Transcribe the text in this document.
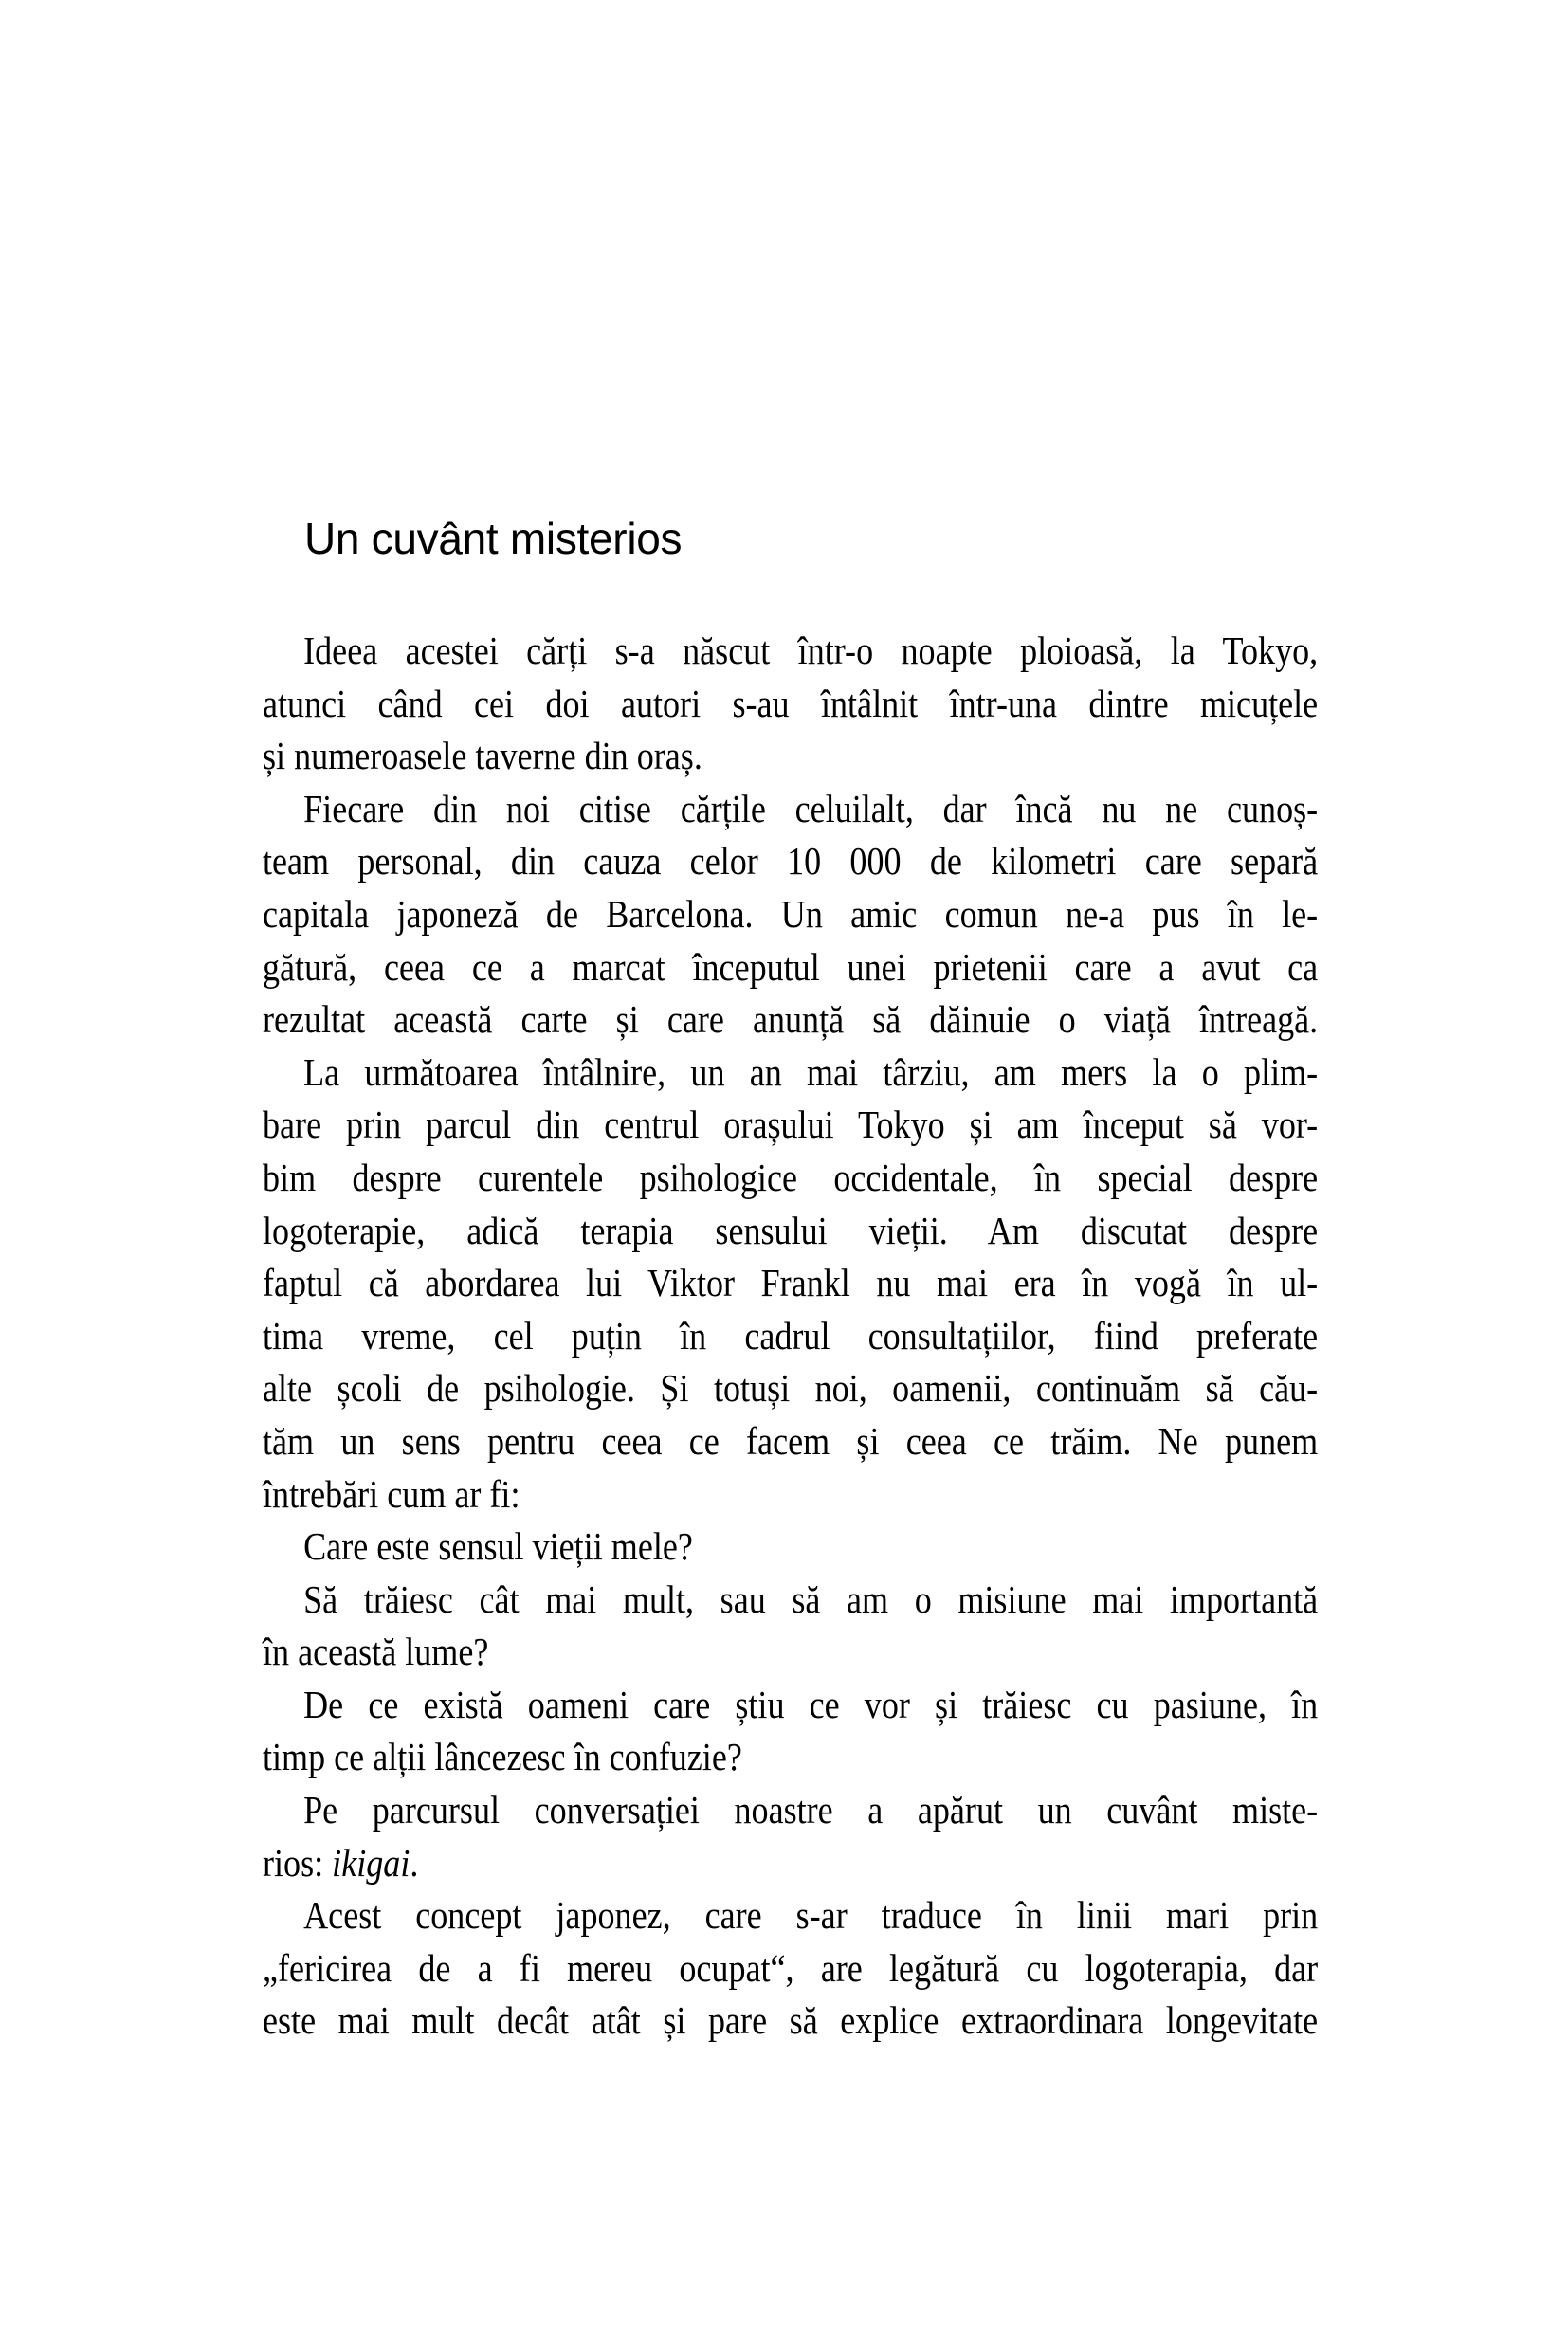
Un cuvânt misterios
Ideea acestei cărți s-a născut într-o noapte ploioasă, la Tokyo,
atunci când cei doi autori s-au întâlnit într-una dintre micuțele
și numeroasele taverne din oraș.
Fiecare din noi citise cărțile celuilalt, dar încă nu ne cunoș-
team personal, din cauza celor 10 000 de kilometri care separă
capitala japoneză de Barcelona. Un amic comun ne-a pus în le-
gătură, ceea ce a marcat începutul unei prietenii care a avut ca
rezultat această carte și care anunță să dăinuie o viață întreagă.
La următoarea întâlnire, un an mai târziu, am mers la o plim-
bare prin parcul din centrul orașului Tokyo și am început să vor-
bim despre curentele psihologice occidentale, în special despre
logoterapie, adică terapia sensului vieții. Am discutat despre
faptul că abordarea lui Viktor Frankl nu mai era în vogă în ul-
tima vreme, cel puțin în cadrul consultațiilor, fiind preferate
alte școli de psihologie. Și totuși noi, oamenii, continuăm să cău-
tăm un sens pentru ceea ce facem și ceea ce trăim. Ne punem
întrebări cum ar fi:
Care este sensul vieții mele?
Să trăiesc cât mai mult, sau să am o misiune mai importantă
în această lume?
De ce există oameni care știu ce vor și trăiesc cu pasiune, în
timp ce alții lâncezesc în confuzie?
Pe parcursul conversației noastre a apărut un cuvânt miste-
rios: ikigai.
Acest concept japonez, care s-ar traduce în linii mari prin
„fericirea de a fi mereu ocupat“, are legătură cu logoterapia, dar
este mai mult decât atât și pare să explice extraordinara longevitate
